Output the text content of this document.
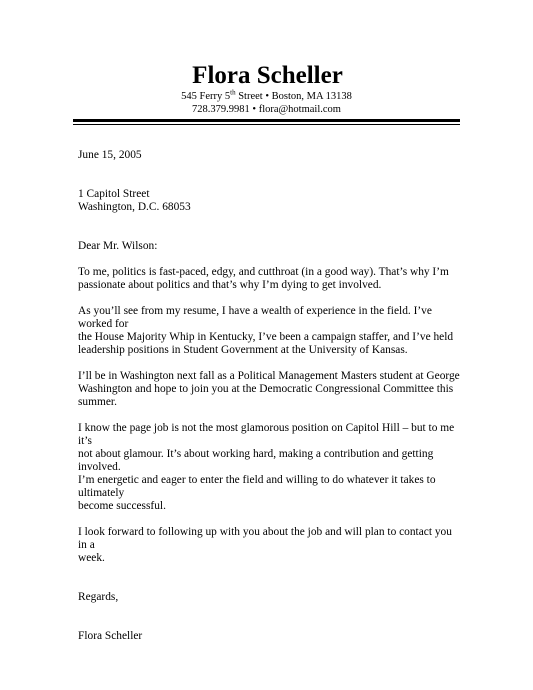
Flora Scheller
545 Ferry 5th Street • Boston, MA 13138
728.379.9981 • flora@hotmail.com

June 15, 2005

1 Capitol Street

Washington, D.C. 68053

Dear Mr. Wilson:

To me, politics is fast-paced, edgy, and cutthroat (in a good way). That’s why I’m

passionate about politics and that’s why I’m dying to get involved.

As you’ll see from my resume, I have a wealth of experience in the field. I’ve worked for

the House Majority Whip in Kentucky, I’ve been a campaign staffer, and I’ve held

leadership positions in Student Government at the University of Kansas.

I’ll be in Washington next fall as a Political Management Masters student at George

Washington and hope to join you at the Democratic Congressional Committee this

summer.

I know the page job is not the most glamorous position on Capitol Hill – but to me it’s

not about glamour. It’s about working hard, making a contribution and getting involved.

I’m energetic and eager to enter the field and willing to do whatever it takes to ultimately

become successful.

I look forward to following up with you about the job and will plan to contact you in a

week.

Regards,

Flora Scheller
